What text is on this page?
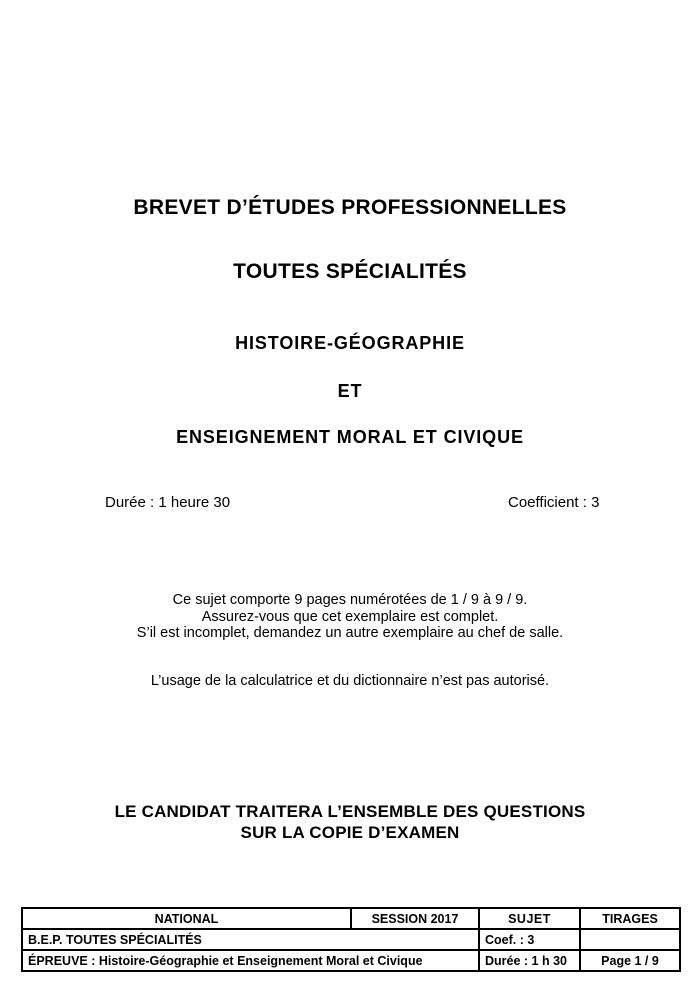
BREVET D’ÉTUDES PROFESSIONNELLES
TOUTES SPÉCIALITÉS
HISTOIRE-GÉOGRAPHIE
ET
ENSEIGNEMENT MORAL ET CIVIQUE
Durée : 1 heure 30	Coefficient : 3
Ce sujet comporte 9 pages numérotées de 1 / 9 à 9 / 9.
Assurez-vous que cet exemplaire est complet.
S’il est incomplet, demandez un autre exemplaire au chef de salle.
L’usage de la calculatrice et du dictionnaire n’est pas autorisé.
LE CANDIDAT TRAITERA L’ENSEMBLE DES QUESTIONS
SUR LA COPIE D’EXAMEN
NATIONAL	SESSION 2017	SUJET	TIRAGES
B.E.P. TOUTES SPÉCIALITÉS		Coef. : 3	
ÉPREUVE : Histoire-Géographie et Enseignement Moral et Civique		Durée : 1 h 30	Page 1 / 9
